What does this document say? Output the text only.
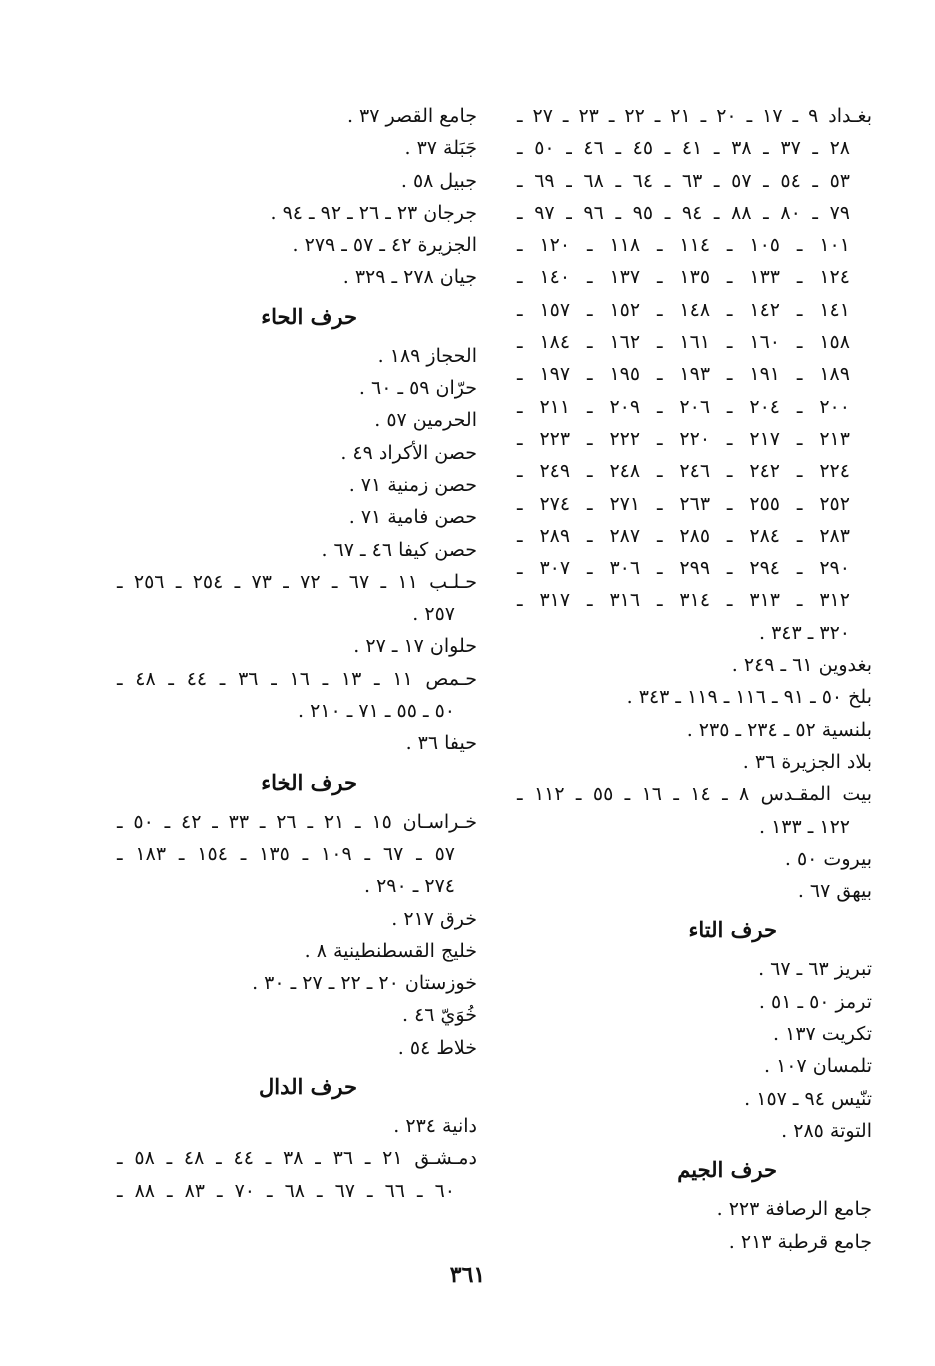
بغـداد ٩ ـ ١٧ ـ ٢٠ ـ ٢١ ـ ٢٢ ـ ٢٣ ـ ٢٧ ـ
٢٨ ـ ٣٧ ـ ٣٨ ـ ٤١ ـ ٤٥ ـ ٤٦ ـ ٥٠ ـ
٥٣ ـ ٥٤ ـ ٥٧ ـ ٦٣ ـ ٦٤ ـ ٦٨ ـ ٦٩ ـ
٧٩ ـ ٨٠ ـ ٨٨ ـ ٩٤ ـ ٩٥ ـ ٩٦ ـ ٩٧ ـ
١٠١ ـ ١٠٥ ـ ١١٤ ـ ١١٨ ـ ١٢٠ ـ
١٢٤ ـ ١٣٣ ـ ١٣٥ ـ ١٣٧ ـ ١٤٠ ـ
١٤١ ـ ١٤٢ ـ ١٤٨ ـ ١٥٢ ـ ١٥٧ ـ
١٥٨ ـ ١٦٠ ـ ١٦١ ـ ١٦٢ ـ ١٨٤ ـ
١٨٩ ـ ١٩١ ـ ١٩٣ ـ ١٩٥ ـ ١٩٧ ـ
٢٠٠ ـ ٢٠٤ ـ ٢٠٦ ـ ٢٠٩ ـ ٢١١ ـ
٢١٣ ـ ٢١٧ ـ ٢٢٠ ـ ٢٢٢ ـ ٢٢٣ ـ
٢٢٤ ـ ٢٤٢ ـ ٢٤٦ ـ ٢٤٨ ـ ٢٤٩ ـ
٢٥٢ ـ ٢٥٥ ـ ٢٦٣ ـ ٢٧١ ـ ٢٧٤ ـ
٢٨٣ ـ ٢٨٤ ـ ٢٨٥ ـ ٢٨٧ ـ ٢٨٩ ـ
٢٩٠ ـ ٢٩٤ ـ ٢٩٩ ـ ٣٠٦ ـ ٣٠٧ ـ
٣١٢ ـ ٣١٣ ـ ٣١٤ ـ ٣١٦ ـ ٣١٧ ـ
٣٢٠ ـ ٣٤٣ .
بغدوين ٦١ ـ ٢٤٩ .
بلخ ٥٠ ـ ٩١ ـ ١١٦ ـ ١١٩ ـ ٣٤٣ .
بلنسية ٥٢ ـ ٢٣٤ ـ ٢٣٥ .
بلاد الجزيرة ٣٦ .
بيت المقـدس ٨ ـ ١٤ ـ ١٦ ـ ٥٥ ـ ١١٢ ـ
١٢٢ ـ ١٣٣ .
بيروت ٥٠ .
بيهق ٦٧ .
حرف التاء
تبريز ٦٣ ـ ٦٧ .
ترمز ٥٠ ـ ٥١ .
تكريت ١٣٧ .
تلمسان ١٠٧ .
تنّيس ٩٤ ـ ١٥٧ .
التوتة ٢٨٥ .
حرف الجيم
جامع الرصافة ٢٢٣ .
جامع قرطبة ٢١٣ .
جامع القصر ٣٧ .
جَبَلة ٣٧ .
جبيل ٥٨ .
جرجان ٢٣ ـ ٢٦ ـ ٩٢ ـ ٩٤ .
الجزيرة ٤٢ ـ ٥٧ ـ ٢٧٩ .
جيان ٢٧٨ ـ ٣٢٩ .
حرف الحاء
الحجاز ١٨٩ .
حرّان ٥٩ ـ ٦٠ .
الحرمين ٥٧ .
حصن الأكراد ٤٩ .
حصن زمنية ٧١ .
حصن فامية ٧١ .
حصن كيفا ٤٦ ـ ٦٧ .
حـلـب ١١ ـ ٦٧ ـ ٧٢ ـ ٧٣ ـ ٢٥٤ ـ ٢٥٦ ـ
٢٥٧ .
حلوان ١٧ ـ ٢٧ .
حـمص ١١ ـ ١٣ ـ ١٦ ـ ٣٦ ـ ٤٤ ـ ٤٨ ـ
٥٠ ـ ٥٥ ـ ٧١ ـ ٢١٠ .
حيفا ٣٦ .
حرف الخاء
خـراسـان ١٥ ـ ٢١ ـ ٢٦ ـ ٣٣ ـ ٤٢ ـ ٥٠ ـ
٥٧ ـ ٦٧ ـ ١٠٩ ـ ١٣٥ ـ ١٥٤ ـ ١٨٣ ـ
٢٧٤ ـ ٢٩٠ .
خرق ٢١٧ .
خليج القسطنطينية ٨ .
خوزستان ٢٠ ـ ٢٢ ـ ٢٧ ـ ٣٠ .
خُوَيّ ٤٦ .
خلاط ٥٤ .
حرف الدال
دانية ٢٣٤ .
دمـشـق ٢١ ـ ٣٦ ـ ٣٨ ـ ٤٤ ـ ٤٨ ـ ٥٨ ـ
٦٠ ـ ٦٦ ـ ٦٧ ـ ٦٨ ـ ٧٠ ـ ٨٣ ـ ٨٨ ـ
٣٦١
